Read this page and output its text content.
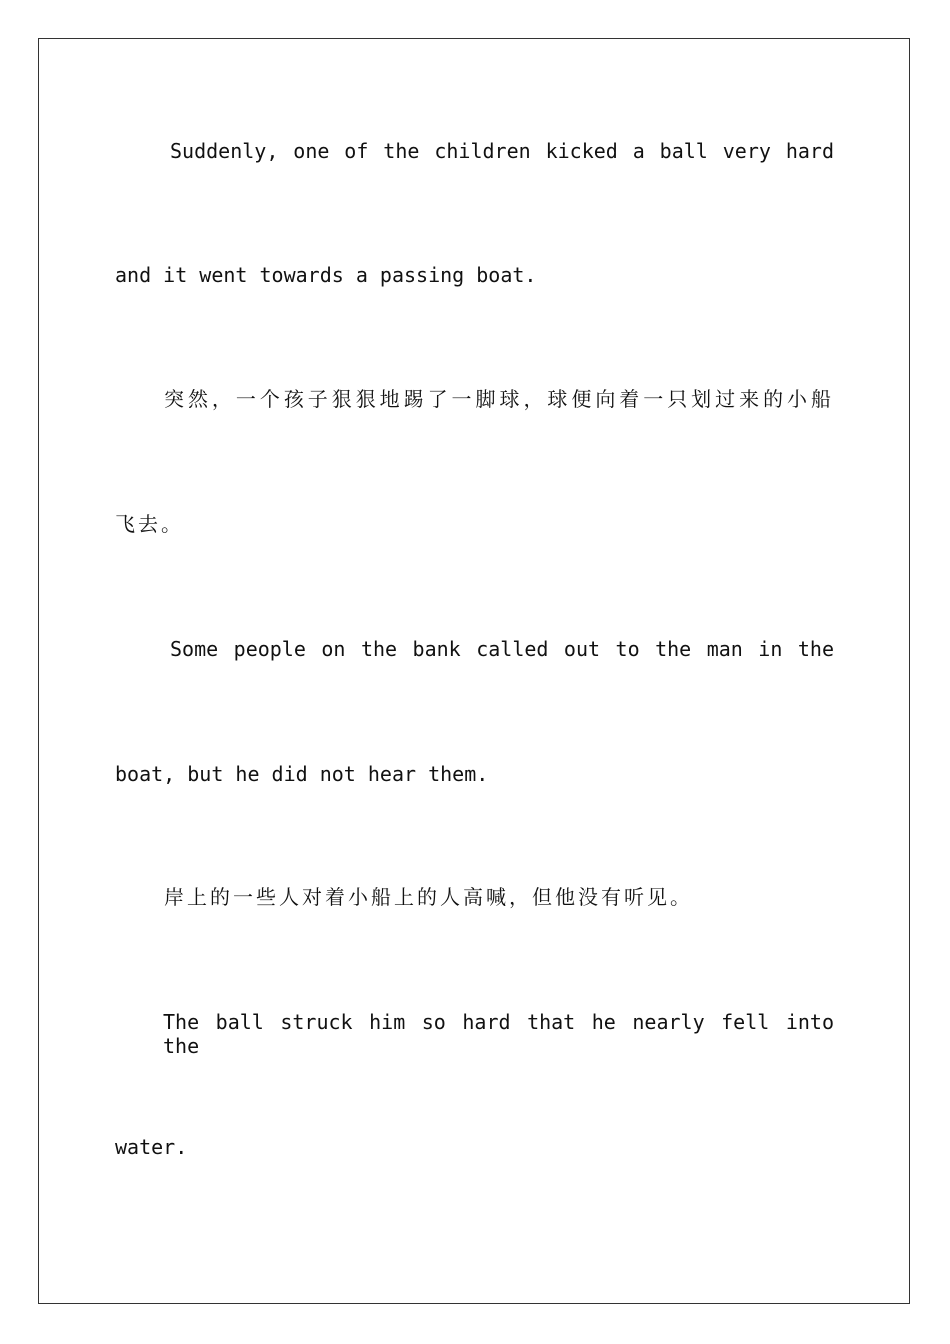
Suddenly, one of the children kicked a ball very hard
and it went towards a passing boat.
突然，一个孩子狠狠地踢了一脚球，球便向着一只划过来的小船
飞去。
Some people on the bank called out to the man in the
boat, but he did not hear them.
岸上的一些人对着小船上的人高喊，但他没有听见。
The ball struck him so hard that he nearly fell into the
water.
